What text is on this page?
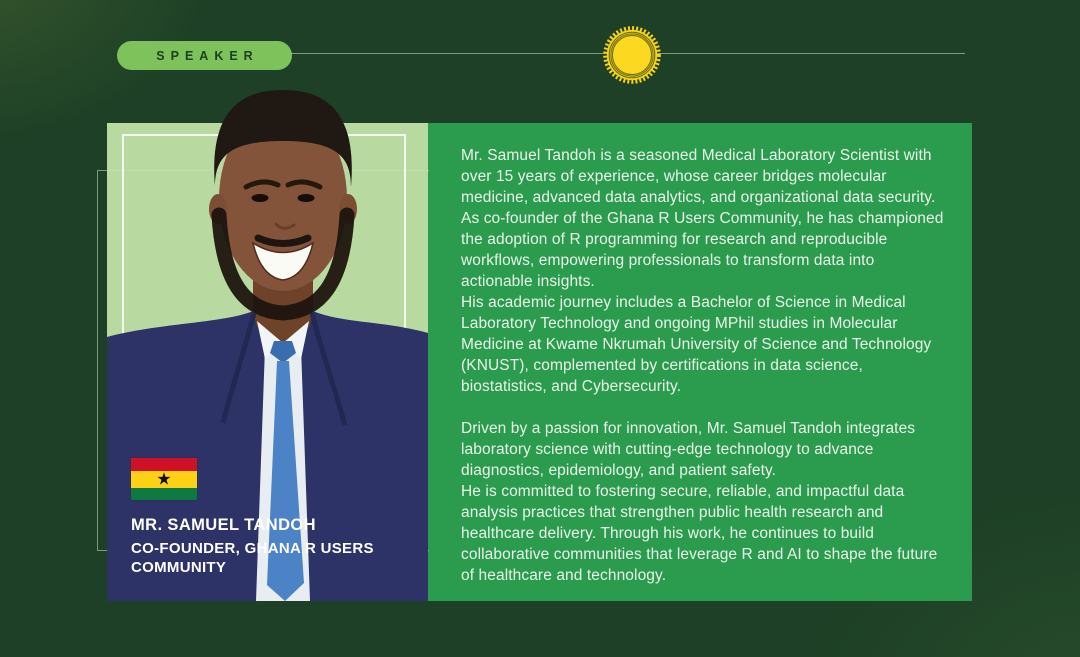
SPEAKER
★
MR. SAMUEL TANDOH
CO-FOUNDER, GHANA R USERS COMMUNITY

Mr. Samuel Tandoh is a seasoned Medical Laboratory Scientist with over 15 years of experience, whose career bridges molecular medicine, advanced data analytics, and organizational data security. As co-founder of the Ghana R Users Community, he has championed the adoption of R programming for research and reproducible workflows, empowering professionals to transform data into actionable insights.

His academic journey includes a Bachelor of Science in Medical Laboratory Technology and ongoing MPhil studies in Molecular Medicine at Kwame Nkrumah University of Science and Technology (KNUST), complemented by certifications in data science, biostatistics, and Cybersecurity.

Driven by a passion for innovation, Mr. Samuel Tandoh integrates laboratory science with cutting-edge technology to advance diagnostics, epidemiology, and patient safety.

He is committed to fostering secure, reliable, and impactful data analysis practices that strengthen public health research and healthcare delivery. Through his work, he continues to build collaborative communities that leverage R and AI to shape the future of healthcare and technology.
